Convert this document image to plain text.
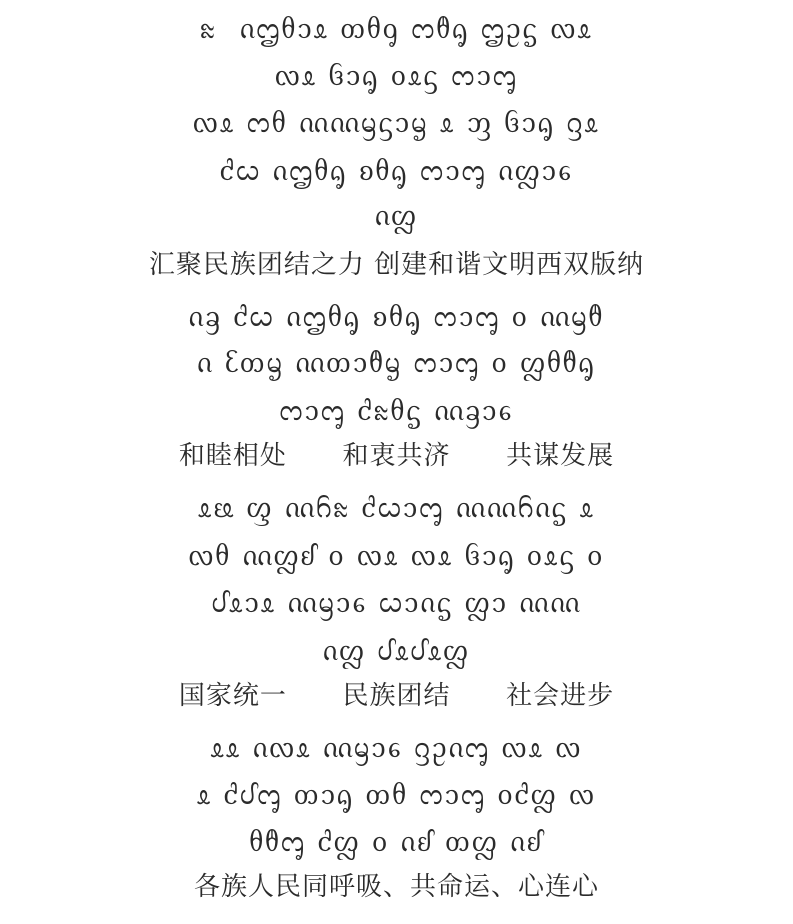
ᦰ  ᦵᦗᦲᦱᦸ ᦎᦲᧁ ᦂᦹᧂ ᦗᦳᧃ ᦟᦸ
ᦟᦸ ᦑᦱᧂ ᦞᦸᦓ ᦂᦱᧅ
ᦟᦸ ᦂᦲ ᦶᦶᦙᦓᦱᧄ ᦸ ᦀ ᦑᦱᧂ ᦋᦸ
ᦺᦍ ᦵᦗᦲᧂ ᦈᦲᧂ ᦂᦱᧅ ᦵᦜᦱᧈ
ᦵᦜ
汇聚民族团结之力 创建和谐文明西双版纳
ᦵᦃ ᦺᦍ ᦵᦗᦲᧂ ᦈᦲᧂ ᦂᦱᧅ ᧐ ᦶᦙᦹ
ᦵ ᦷᦎᧄ ᦶᦎᦱᦹᧄ ᦂᦱᧅ ᧐ ᦜᦲᦹᧂ
ᦂᦱᧅ ᦺᦰᦲᧃ ᦶᦃᦱᧈ
和睦相处      和衷共济      共谋发展
ᦸᦕ ᦐ ᦶᦆᦰ ᦺᦍᦱᧅ ᦶᦶᦆᦵᧃ ᦸ
ᦟᦲ ᦶᦜᦊ ᧐ ᦟᦸ ᦟᦸ ᦑᦱᧂ ᦞᦸᦓ ᧐
ᦔᦸᦱᦸ ᦶᦙᦱᧈ ᦍᦱᦵᧃ ᦜᦱ ᦶᦶ
ᦵᦜ ᦔᦸᦔᦸᦜ
国家统一      民族团结      社会进步
ᦸᦸ ᦵᦟᦸ ᦶᦙᦱᧈ ᦋᦳᦵᧅ ᦟᦸ ᦟ
ᦸ ᦺᦔᧅ ᦎᦱᧂ ᦎᦲ ᦂᦱᧅ ᧐ᦺᦜ ᦟ
ᦲᦹᧅ ᦺᦜ ᧐ ᦵᦊ ᦎᦜ ᦵᦊ
各族人民同呼吸、共命运、心连心
